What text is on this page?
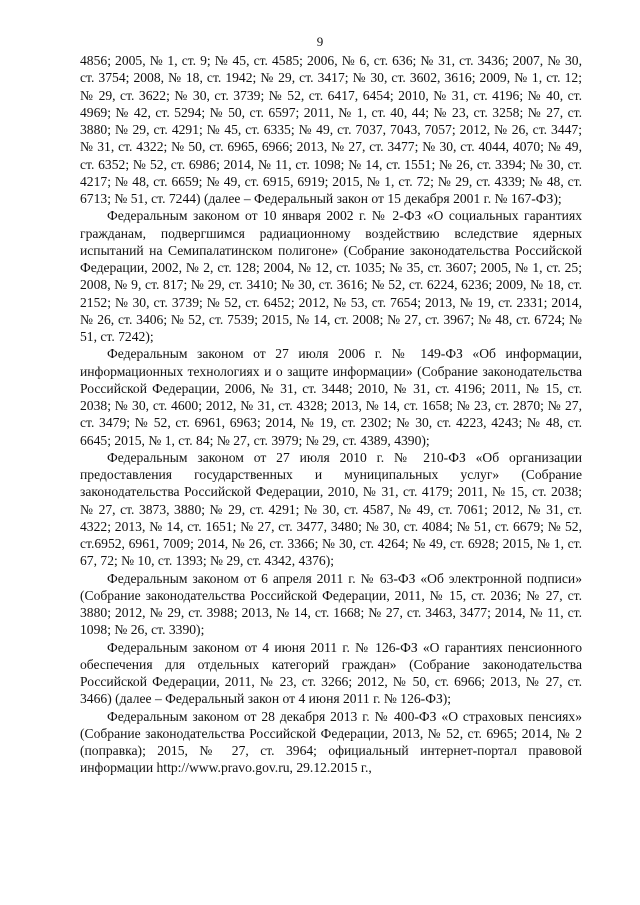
9

4856; 2005, № 1, ст. 9; № 45, ст. 4585; 2006, № 6, ст. 636; № 31, ст. 3436; 2007, № 30, ст. 3754; 2008, № 18, ст. 1942; № 29, ст. 3417; № 30, ст. 3602, 3616; 2009, № 1, ст. 12; № 29, ст. 3622; № 30, ст. 3739; № 52, ст. 6417, 6454; 2010, № 31, ст. 4196; № 40, ст. 4969; № 42, ст. 5294; № 50, ст. 6597; 2011, № 1, ст. 40, 44; № 23, ст. 3258; № 27, ст. 3880; № 29, ст. 4291; № 45, ст. 6335; № 49, ст. 7037, 7043, 7057; 2012, № 26, ст. 3447; № 31, ст. 4322; № 50, ст. 6965, 6966; 2013, № 27, ст. 3477; № 30, ст. 4044, 4070; № 49, ст. 6352; № 52, ст. 6986; 2014, № 11, ст. 1098; № 14, ст. 1551; № 26, ст. 3394; № 30, ст. 4217; № 48, ст. 6659; № 49, ст. 6915, 6919; 2015, № 1, ст. 72; № 29, ст. 4339; № 48, ст. 6713; № 51, ст. 7244) (далее – Федеральный закон от 15 декабря 2001 г. № 167-ФЗ);

Федеральным законом от 10 января 2002 г. № 2-ФЗ «О социальных гарантиях гражданам, подвергшимся радиационному воздействию вследствие ядерных испытаний на Семипалатинском полигоне» (Собрание законодательства Российской Федерации, 2002, № 2, ст. 128; 2004, № 12, ст. 1035; № 35, ст. 3607; 2005, № 1, ст. 25; 2008, № 9, ст. 817; № 29, ст. 3410; № 30, ст. 3616; № 52, ст. 6224, 6236; 2009, № 18, ст. 2152; № 30, ст. 3739; № 52, ст. 6452; 2012, № 53, ст. 7654; 2013, № 19, ст. 2331; 2014, № 26, ст. 3406; № 52, ст. 7539; 2015, № 14, ст. 2008; № 27, ст. 3967; № 48, ст. 6724; № 51, ст. 7242);

Федеральным законом от 27 июля 2006 г. № 149-ФЗ «Об информации, информационных технологиях и о защите информации» (Собрание законодательства Российской Федерации, 2006, № 31, ст. 3448; 2010, № 31, ст. 4196; 2011, № 15, ст. 2038; № 30, ст. 4600; 2012, № 31, ст. 4328; 2013, № 14, ст. 1658; № 23, ст. 2870; № 27, ст. 3479; № 52, ст. 6961, 6963; 2014, № 19, ст. 2302; № 30, ст. 4223, 4243; № 48, ст. 6645; 2015, № 1, ст. 84; № 27, ст. 3979; № 29, ст. 4389, 4390);

Федеральным законом от 27 июля 2010 г. № 210-ФЗ «Об организации предоставления государственных и муниципальных услуг» (Собрание законодательства Российской Федерации, 2010, № 31, ст. 4179; 2011, № 15, ст. 2038; № 27, ст. 3873, 3880; № 29, ст. 4291; № 30, ст. 4587, № 49, ст. 7061; 2012, № 31, ст. 4322; 2013, № 14, ст. 1651; № 27, ст. 3477, 3480; № 30, ст. 4084; № 51, ст. 6679; № 52, ст.6952, 6961, 7009; 2014, № 26, ст. 3366; № 30, ст. 4264; № 49, ст. 6928; 2015, № 1, ст. 67, 72; № 10, ст. 1393; № 29, ст. 4342, 4376);

Федеральным законом от 6 апреля 2011 г. № 63-ФЗ «Об электронной подписи» (Собрание законодательства Российской Федерации, 2011, № 15, ст. 2036; № 27, ст. 3880; 2012, № 29, ст. 3988; 2013, № 14, ст. 1668; № 27, ст. 3463, 3477; 2014, № 11, ст. 1098; № 26, ст. 3390);

Федеральным законом от 4 июня 2011 г. № 126-ФЗ «О гарантиях пенсионного обеспечения для отдельных категорий граждан» (Собрание законодательства Российской Федерации, 2011, № 23, ст. 3266; 2012, № 50, ст. 6966; 2013, № 27, ст. 3466) (далее – Федеральный закон от 4 июня 2011 г. № 126-ФЗ);

Федеральным законом от 28 декабря 2013 г. № 400-ФЗ «О страховых пенсиях» (Собрание законодательства Российской Федерации, 2013, № 52, ст. 6965; 2014, № 2 (поправка); 2015, № 27, ст. 3964; официальный интернет-портал правовой информации http://www.pravo.gov.ru, 29.12.2015 г.,
